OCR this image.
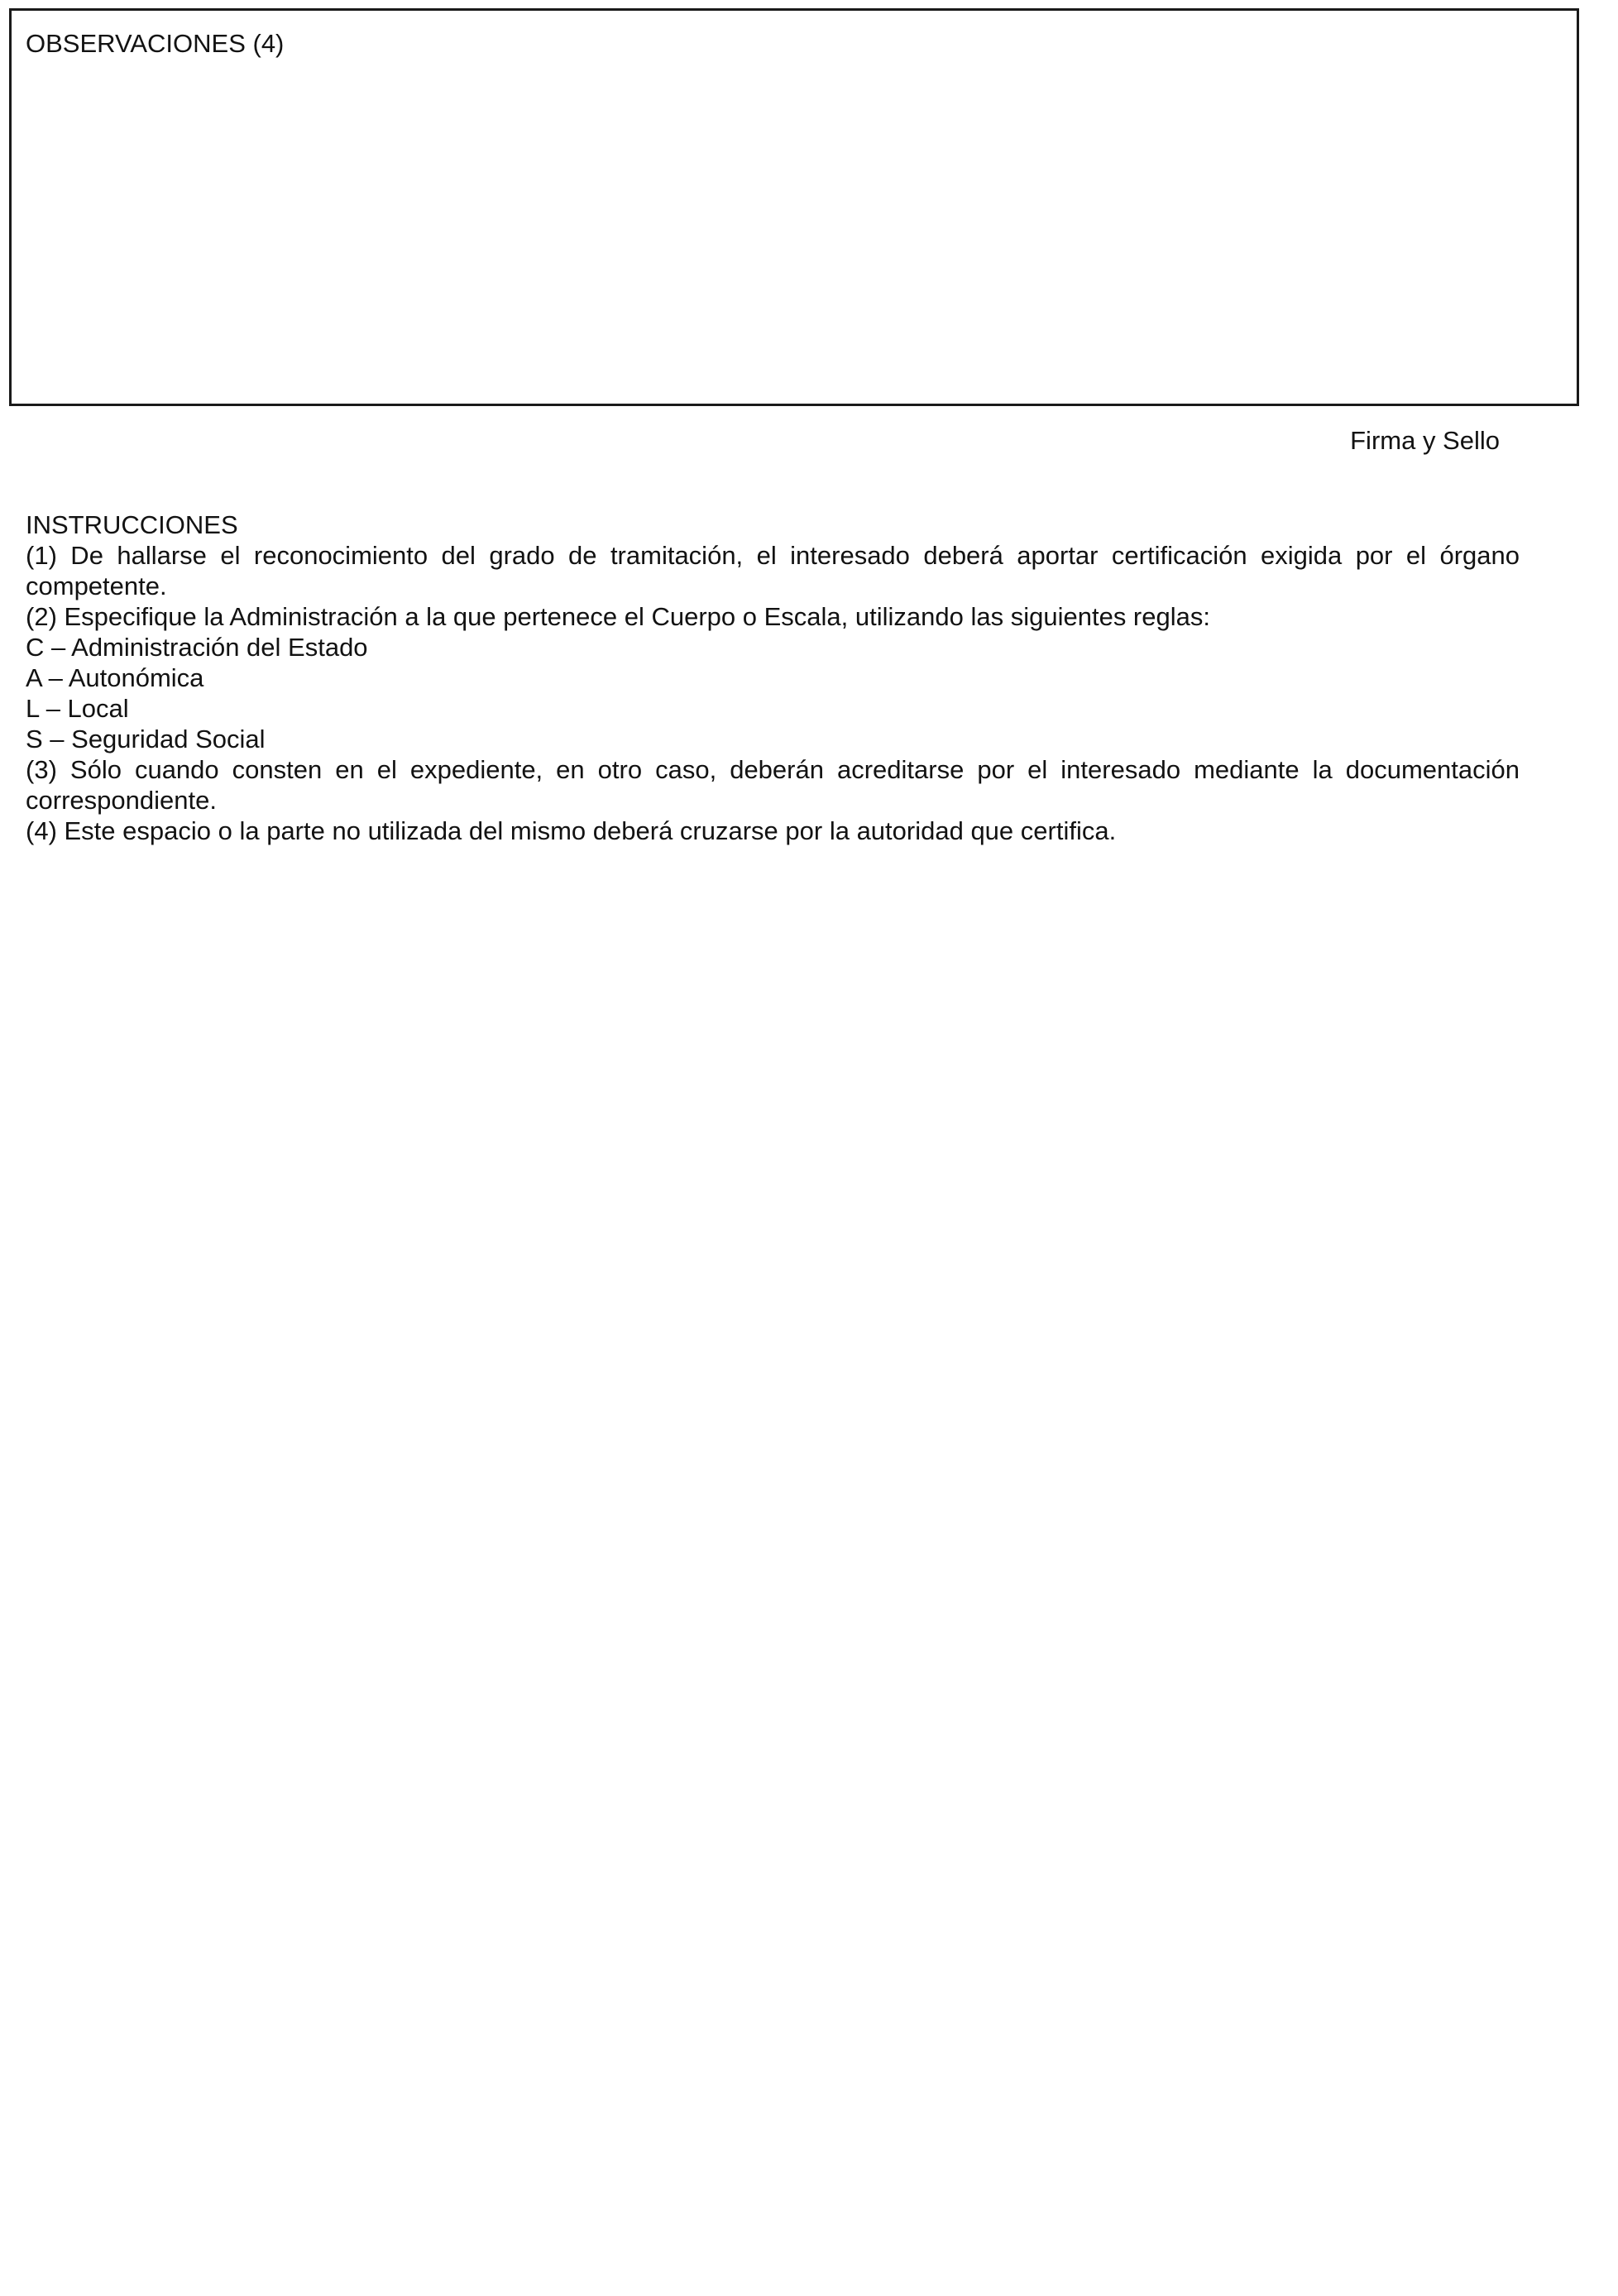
OBSERVACIONES (4)
Firma y Sello
INSTRUCCIONES

(1) De hallarse el reconocimiento del grado de tramitación, el interesado deberá aportar certificación exigida por el órgano competente.

(2) Especifique la Administración a la que pertenece el Cuerpo o Escala, utilizando las siguientes reglas:

C – Administración del Estado

A – Autonómica

L – Local

S – Seguridad Social

(3) Sólo cuando consten en el expediente, en otro caso, deberán acreditarse por el interesado mediante la documentación correspondiente.

(4) Este espacio o la parte no utilizada del mismo deberá cruzarse por la autoridad que certifica.
